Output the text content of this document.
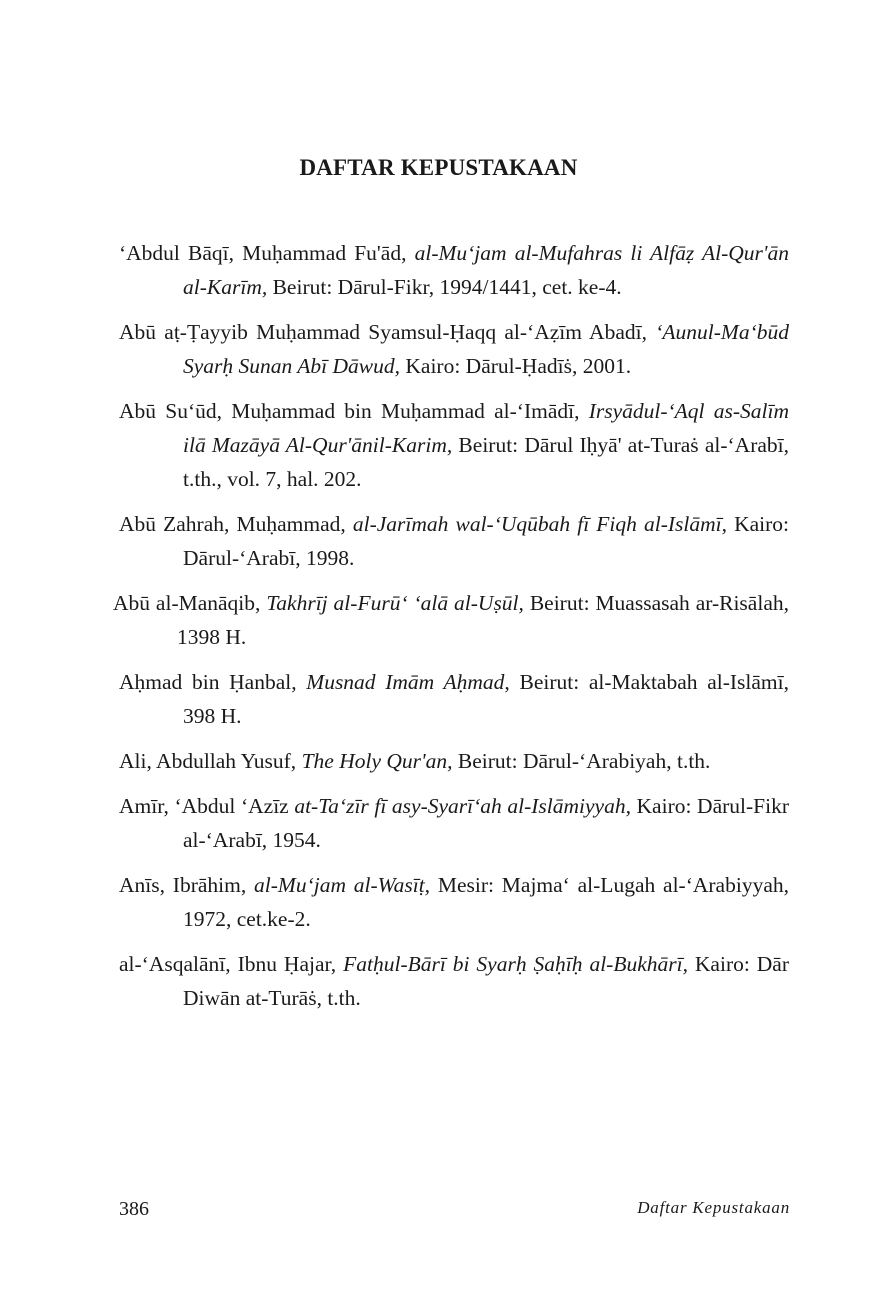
DAFTAR KEPUSTAKAAN
‘Abdul Bāqī, Muḥammad Fu'ād, al-Mu‘jam al-Mufahras li Alfāẓ Al-Qur'ān al-Karīm, Beirut: Dārul-Fikr, 1994/1441, cet. ke-4.
Abū aṭ-Ṭayyib Muḥammad Syamsul-Ḥaqq al-‘Aẓīm Abadī, ‘Aunul-Ma‘būd Syarḥ Sunan Abī Dāwud, Kairo: Dārul-Ḥadīṡ, 2001.
Abū Su‘ūd, Muḥammad bin Muḥammad al-‘Imādī, Irsyādul-‘Aql as-Salīm ilā Mazāyā Al-Qur'ānil-Karim, Beirut: Dārul Iḥyā' at-Turaṡ al-‘Arabī, t.th., vol. 7, hal. 202.
Abū Zahrah, Muḥammad, al-Jarīmah wal-‘Uqūbah fī Fiqh al-Islāmī, Kairo: Dārul-‘Arabī, 1998.
Abū al-Manāqib, Takhrīj al-Furū‘ ‘alā al-Uṣūl, Beirut: Muassasah ar-Risālah, 1398 H.
Aḥmad bin Ḥanbal, Musnad Imām Aḥmad, Beirut: al-Maktabah al-Islāmī, 398 H.
Ali, Abdullah Yusuf, The Holy Qur'an, Beirut: Dārul-‘Arabiyah, t.th.
Amīr, ‘Abdul ‘Azīz at-Ta‘zīr fī asy-Syarī‘ah al-Islāmiyyah, Kairo: Dārul-Fikr al-‘Arabī, 1954.
Anīs, Ibrāhim, al-Mu‘jam al-Wasīṭ, Mesir: Majma‘ al-Lugah al-‘Arabiyyah, 1972, cet.ke-2.
al-‘Asqalānī, Ibnu Ḥajar, Fatḥul-Bārī bi Syarḥ Ṣaḥīḥ al-Bukhārī, Kairo: Dār Diwān at-Turāṡ, t.th.
386	Daftar Kepustakaan
